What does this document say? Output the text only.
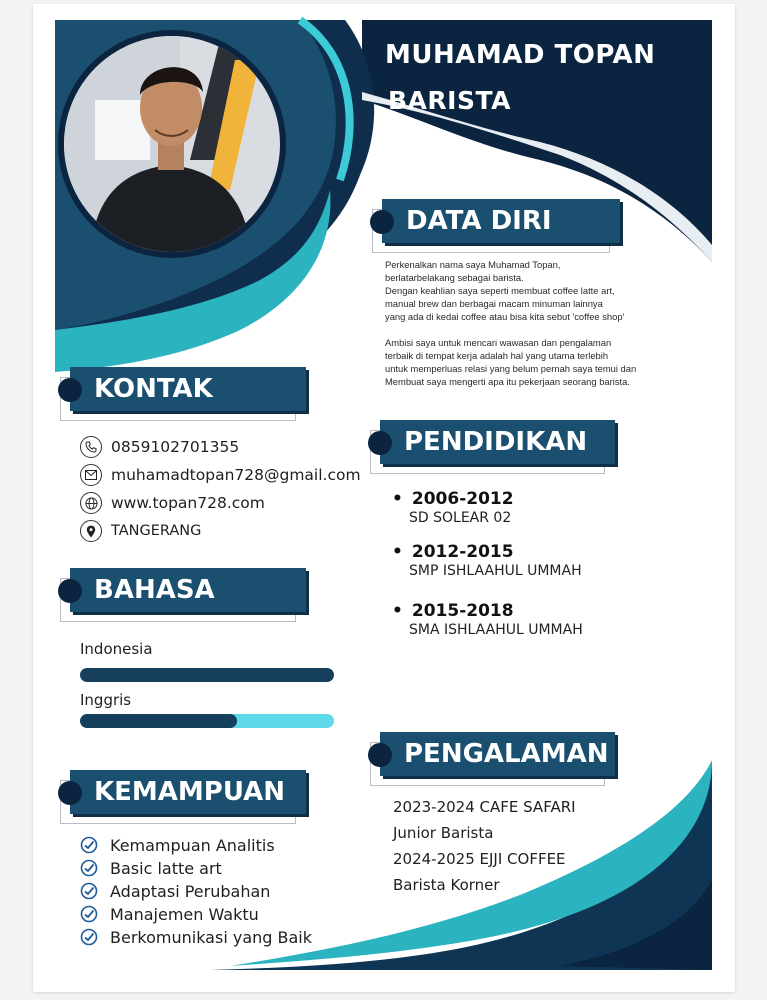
MUHAMAD TOPAN
BARISTA
DATA DIRI

Perkenalkan nama saya Muhamad Topan,
berlatarbelakang sebagai barista.
Dengan keahlian saya seperti membuat coffee latte art,
manual brew dan berbagai macam minuman lainnya
yang ada di kedai coffee atau bisa kita sebut 'coffee shop'

Ambisi saya untuk mencari wawasan dan pengalaman
terbaik di tempat kerja adalah hal yang utama terlebih
untuk memperluas relasi yang belum pernah saya temui dan
Membuat saya mengerti apa itu pekerjaan seorang barista.

KONTAK
0859102701355
muhamadtopan728@gmail.com
www.topan728.com
TANGERANG
BAHASA
Indonesia
Inggris
KEMAMPUAN
Kemampuan Analitis
Basic latte art
Adaptasi Perubahan
Manajemen Waktu
Berkomunikasi yang Baik
PENDIDIKAN
• 2006-2012
SD SOLEAR 02
• 2012-2015
SMP ISHLAAHUL UMMAH
• 2015-2018
SMA ISHLAAHUL UMMAH
PENGALAMAN
2023-2024 CAFE SAFARI
Junior Barista
2024-2025 EJJI COFFEE
Barista Korner
